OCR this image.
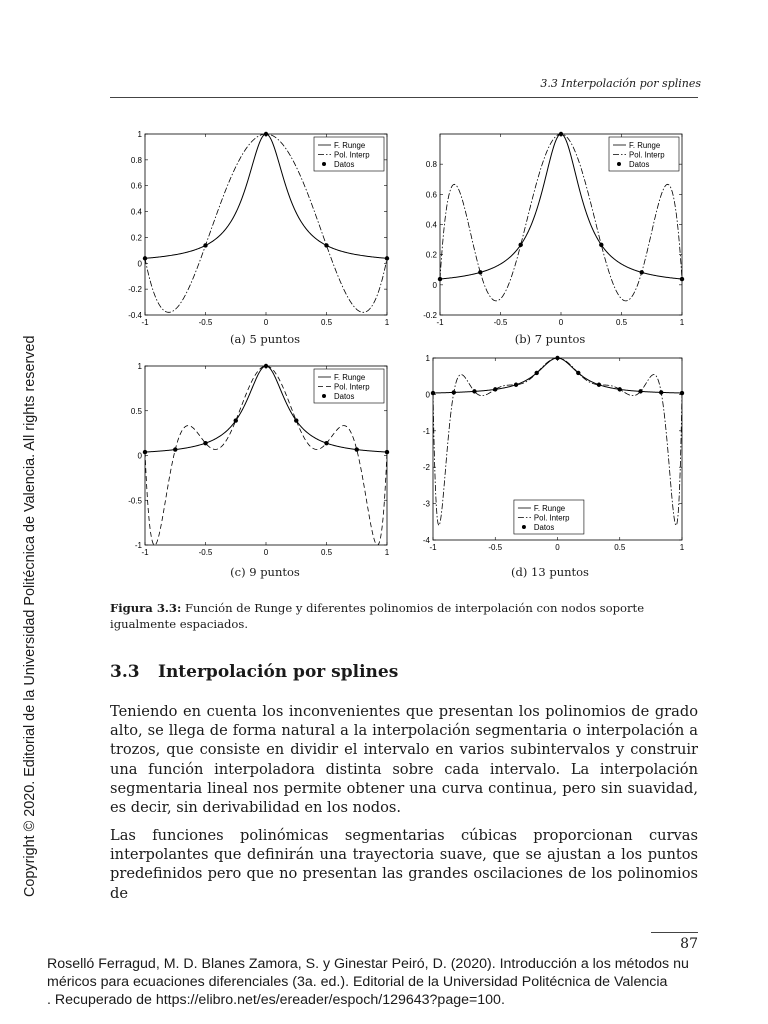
3.3 Interpolación por splines
Copyright © 2020. Editorial de la Universidad Politécnica de Valencia. All rights reserved
-1	-0.5	0	0.5	1
-0.4
-0.2
0
0.2
0.4
0.6
0.8
1
F. Runge
Pol. Interp
Datos
-1	-0.5	0	0.5	1
-0.2
0
0.2
0.4
0.6
0.8
F. Runge
Pol. Interp
Datos
-1	-0.5	0	0.5	1
-1
-0.5
0
0.5
1
F. Runge
Pol. Interp
Datos
-1	-0.5	0	0.5	1
-4
-3
-2
-1
0
1
F. Runge
Pol. Interp
Datos
(a) 5 puntos	(b) 7 puntos
(c) 9 puntos	(d) 13 puntos
Figura 3.3: Función de Runge y diferentes polinomios de interpolación con nodos soporte igualmente espaciados.
3.3 Interpolación por splines
Teniendo en cuenta los inconvenientes que presentan los polinomios de grado alto, se llega de forma natural a la interpolación segmentaria o interpolación a trozos, que consiste en dividir el intervalo en varios subintervalos y construir una función interpoladora distinta sobre cada intervalo. La interpolación segmentaria lineal nos permite obtener una curva continua, pero sin suavidad, es decir, sin derivabilidad en los nodos.
Las funciones polinómicas segmentarias cúbicas proporcionan curvas interpolantes que definirán una trayectoria suave, que se ajustan a los puntos predefinidos pero que no presentan las grandes oscilaciones de los polinomios de
87
Roselló Ferragud, M. D. Blanes Zamora, S. y Ginestar Peiró, D. (2020). Introducción a los métodos nu
méricos para ecuaciones diferenciales (3a. ed.). Editorial de la Universidad Politécnica de Valencia
. Recuperado de https://elibro.net/es/ereader/espoch/129643?page=100.
